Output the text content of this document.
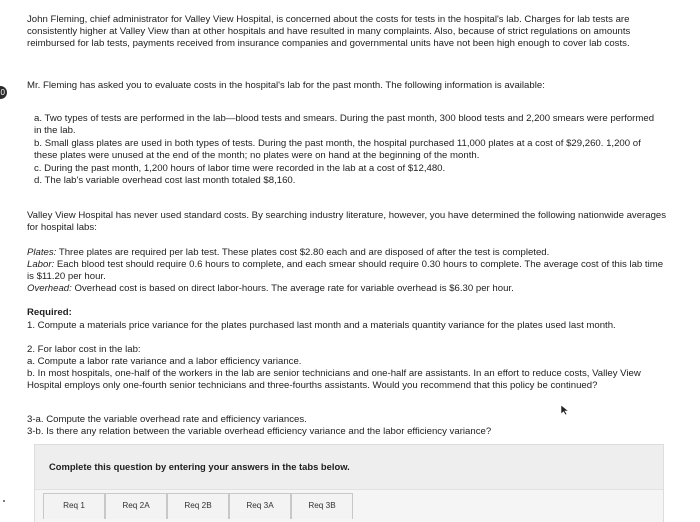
0

John Fleming, chief administrator for Valley View Hospital, is concerned about the costs for tests in the hospital's lab. Charges for lab tests are consistently higher at Valley View than at other hospitals and have resulted in many complaints. Also, because of strict regulations on amounts reimbursed for lab tests, payments received from insurance companies and governmental units have not been high enough to cover lab costs.

Mr. Fleming has asked you to evaluate costs in the hospital's lab for the past month. The following information is available:

a. Two types of tests are performed in the lab—blood tests and smears. During the past month, 300 blood tests and 2,200 smears were performed in the lab.
b. Small glass plates are used in both types of tests. During the past month, the hospital purchased 11,000 plates at a cost of $29,260. 1,200 of these plates were unused at the end of the month; no plates were on hand at the beginning of the month.
c. During the past month, 1,200 hours of labor time were recorded in the lab at a cost of $12,480.
d. The lab's variable overhead cost last month totaled $8,160.

Valley View Hospital has never used standard costs. By searching industry literature, however, you have determined the following nationwide averages for hospital labs:

Plates: Three plates are required per lab test. These plates cost $2.80 each and are disposed of after the test is completed.

Labor: Each blood test should require 0.6 hours to complete, and each smear should require 0.30 hours to complete. The average cost of this lab time is $11.20 per hour.

Overhead: Overhead cost is based on direct labor-hours. The average rate for variable overhead is $6.30 per hour.

Required:

1. Compute a materials price variance for the plates purchased last month and a materials quantity variance for the plates used last month.

2. For labor cost in the lab:

a. Compute a labor rate variance and a labor efficiency variance.

b. In most hospitals, one-half of the workers in the lab are senior technicians and one-half are assistants. In an effort to reduce costs, Valley View Hospital employs only one-fourth senior technicians and three-fourths assistants. Would you recommend that this policy be continued?

3-a. Compute the variable overhead rate and efficiency variances.

3-b. Is there any relation between the variable overhead efficiency variance and the labor efficiency variance?

Complete this question by entering your answers in the tabs below.
Req 1	Req 2A	Req 2B	Req 3A	Req 3B
